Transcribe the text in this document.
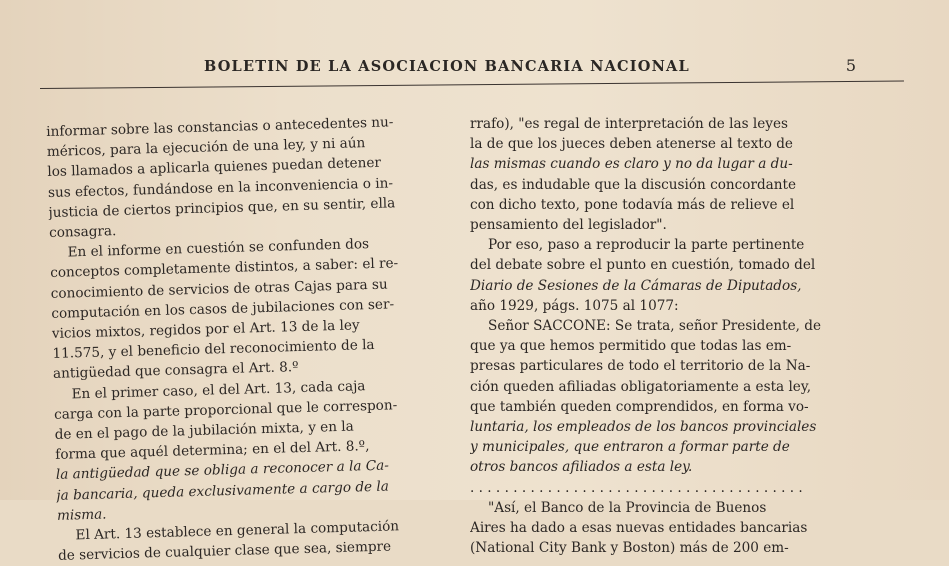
BOLETIN DE LA ASOCIACION BANCARIA NACIONAL	5
informar sobre las constancias o antecedentes nu-
méricos, para la ejecución de una ley, y ni aún
los llamados a aplicarla quienes puedan detener
sus efectos, fundándose en la inconveniencia o in-
justicia de ciertos principios que, en su sentir, ella
consagra.
En el informe en cuestión se confunden dos
conceptos completamente distintos, a saber: el re-
conocimiento de servicios de otras Cajas para su
computación en los casos de jubilaciones con ser-
vicios mixtos, regidos por el Art. 13 de la ley
11.575, y el beneficio del reconocimiento de la
antigüedad que consagra el Art. 8.º
En el primer caso, el del Art. 13, cada caja
carga con la parte proporcional que le correspon-
de en el pago de la jubilación mixta, y en la
forma que aquél determina; en el del Art. 8.º,
la antigüedad que se obliga a reconocer a la Ca-
ja bancaria, queda exclusivamente a cargo de la
misma.
El Art. 13 establece en general la computación
de servicios de cualquier clase que sea, siempre
rrafo), "es regal de interpretación de las leyes
la de que los jueces deben atenerse al texto de
las mismas cuando es claro y no da lugar a du-
das, es indudable que la discusión concordante
con dicho texto, pone todavía más de relieve el
pensamiento del legislador".
Por eso, paso a reproducir la parte pertinente
del debate sobre el punto en cuestión, tomado del
Diario de Sesiones de la Cámaras de Diputados,
año 1929, págs. 1075 al 1077:
Señor SACCONE: Se trata, señor Presidente, de
que ya que hemos permitido que todas las em-
presas particulares de todo el territorio de la Na-
ción queden afiliadas obligatoriamente a esta ley,
que también queden comprendidos, en forma vo-
luntaria, los empleados de los bancos provinciales
y municipales, que entraron a formar parte de
otros bancos afiliados a esta ley.
. . . . . . . . . . . . . . . . . . . . . . . . . . . . . . . . . . . . . . .
"Así, el Banco de la Provincia de Buenos
Aires ha dado a esas nuevas entidades bancarias
(National City Bank y Boston) más de 200 em-
